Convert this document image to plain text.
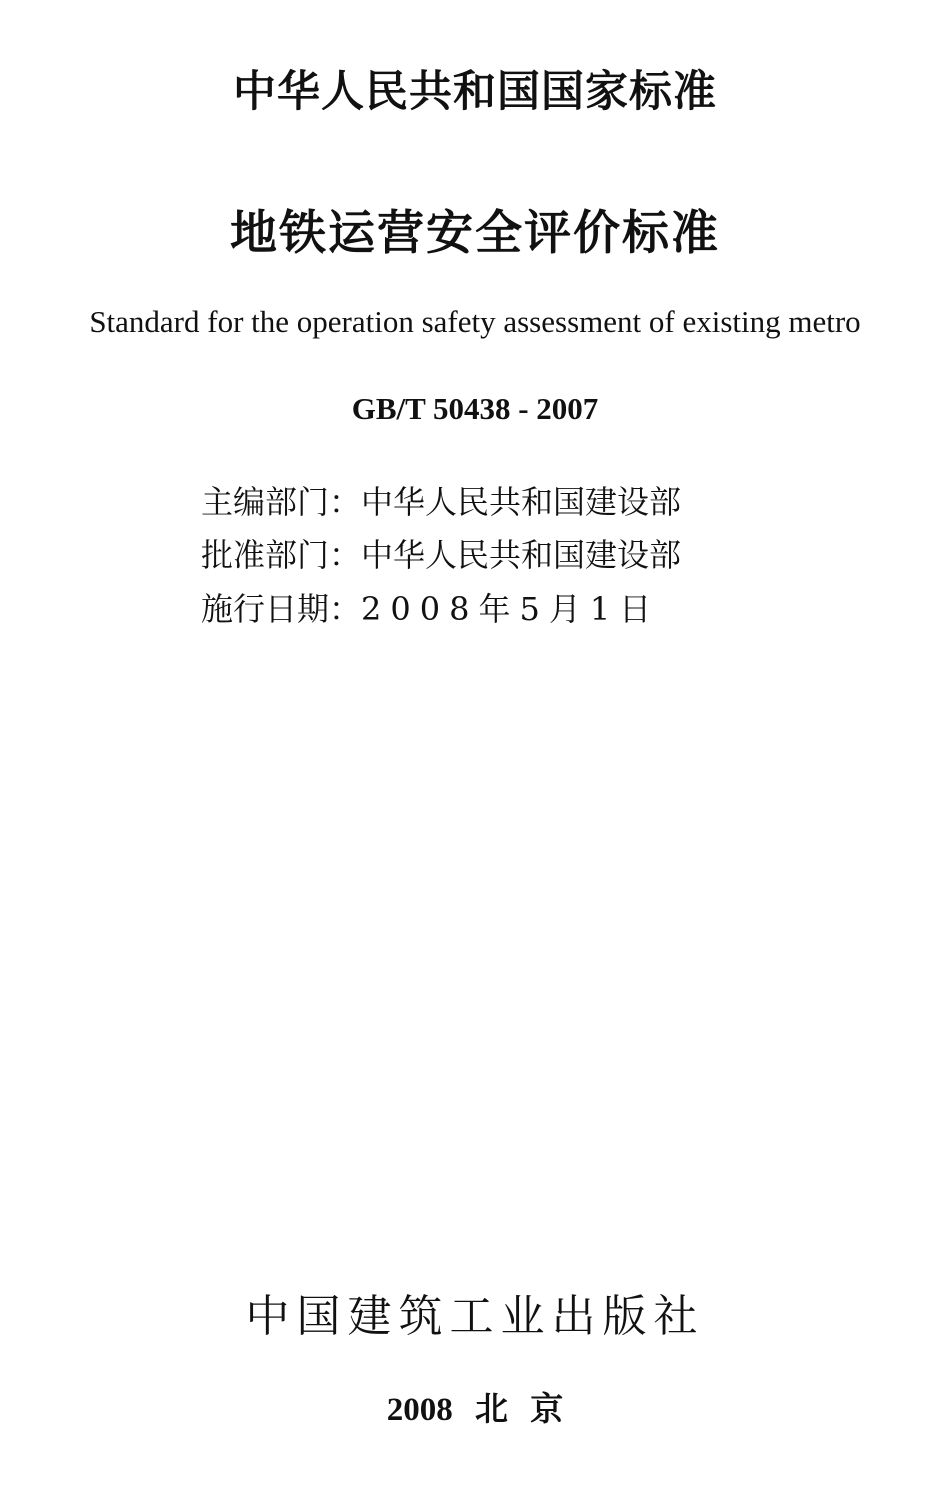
中华人民共和国国家标准
地铁运营安全评价标准

Standard for the operation safety assessment of existing metro

GB/T 50438 - 2007

主编部门：中华人民共和国建设部

批准部门：中华人民共和国建设部

施行日期：2008年5月1日

中国建筑工业出版社

2008 北 京
